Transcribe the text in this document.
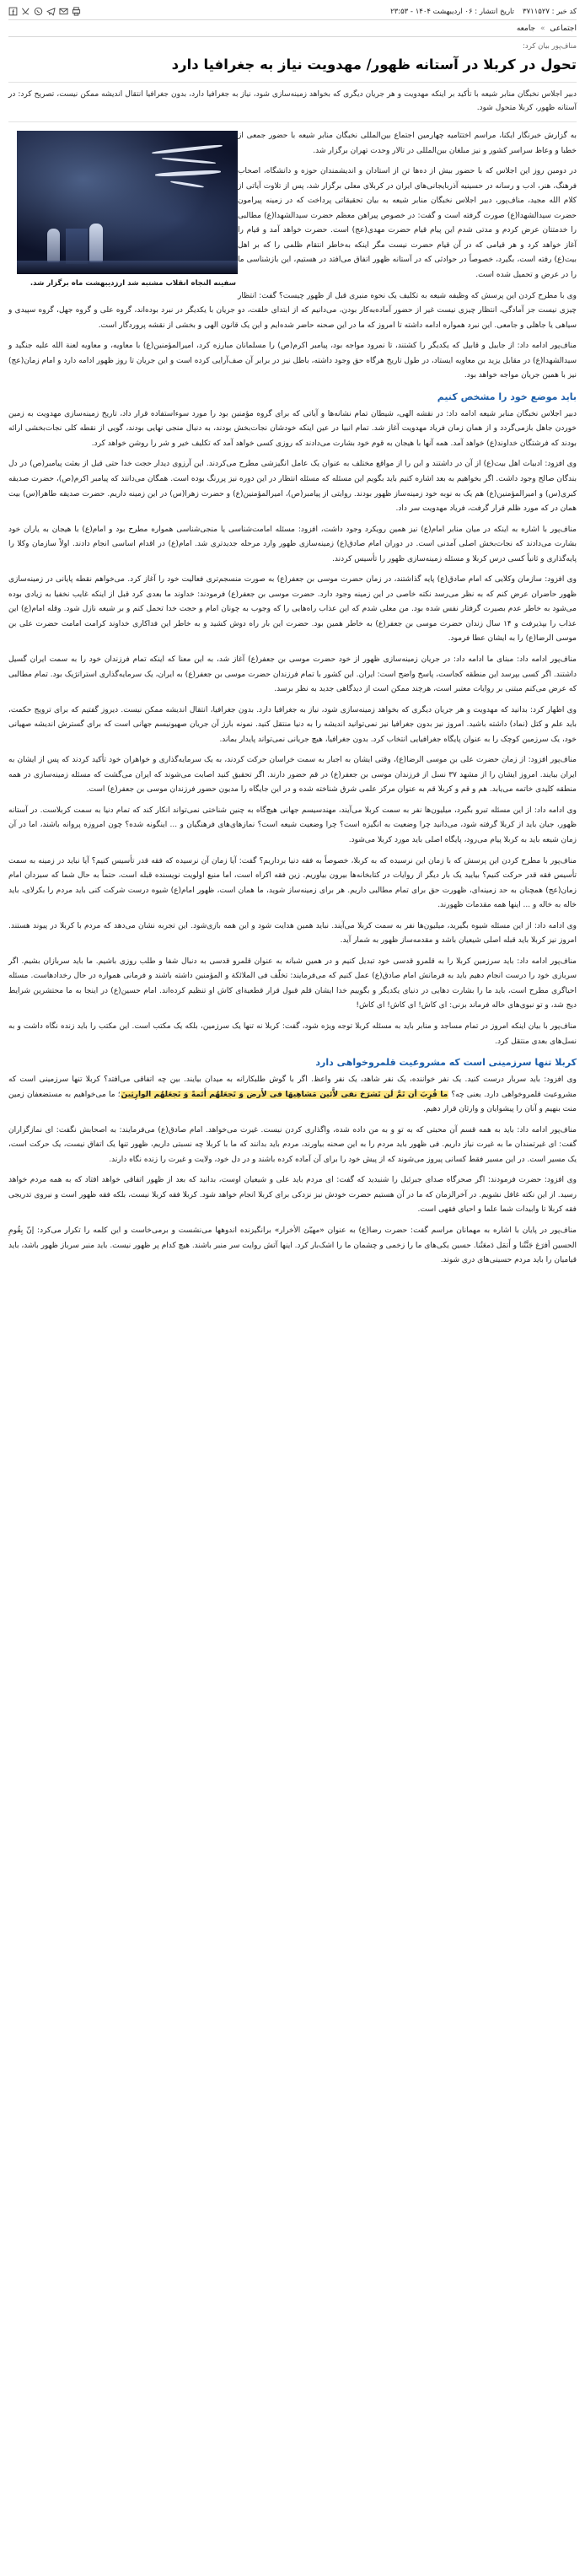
کد خبر : ۳۷۱۱۵۲۷
تاریخ انتشار : ۰۶ اردیبهشت ۱۴۰۴ - ۲۳:۵۳
اجتماعی » جامعه
مناف‌پور بیان کرد:
تحول در کربلا در آستانه ظهور/ مهدویت نیاز به جغرافیا دارد
دبیر اجلاس نخبگان منابر شیعه با تأکید بر اینکه مهدویت و هر جریان دیگری که بخواهد زمینه‌سازی شود، نیاز به جغرافیا دارد، بدون جغرافیا انتقال اندیشه ممکن نیست، تصریح کرد: در آستانه ظهور، کربلا متحول شود.
سفینه النجاه انقلاب مشتبه شد ارزدیبهشت ماه برگزار شد.

به گزارش خبرنگار ایکنا، مراسم اختتامیه چهارمین اجتماع بین‌المللی نخبگان منابر شیعه با حضور جمعی از خطبا و وعاظ سراسر کشور و نیز مبلغان بین‌المللی در تالار وحدت تهران برگزار شد.

در دومین روز این اجلاس که با حضور بیش از ده‌ها تن از استادان و اندیشمندان حوزه و دانشگاه، اصحاب فرهنگ، هنر، ادب و رسانه در حسینیه آذربایجانی‌های ایران در کربلای معلی برگزار شد، پس از تلاوت آیاتی از کلام الله مجید، مناف‌پور، دبیر اجلاس نخبگان منابر شیعه به بیان تحقیقاتی پرداخت که در زمینه پیرامون حضرت سیدالشهدا(ع) صورت گرفته است و گفت: در خصوص پیراهن معظم حضرت سیدالشهدا(ع) مطالبی را خدمتتان عرض کردم و مدتی شدم این پیام قیام حضرت مهدی(عج) است. حضرت خواهد آمد و قیام را آغاز خواهد کرد و هر قیامی که در آن قیام حضرت نیست مگر اینکه به‌خاطر انتقام ظلمی را که بر اهل بیت(ع) رفته است، بگیرد، خصوصاً در حوادثی که در آستانه ظهور اتفاق می‌افتد در هستیم، این بازشناسی ما را در عرض و تحمیل شده است.

وی با مطرح کردن این پرسش که وظیفه شیعه به تکلیف یک نحوه منبری قبل از ظهور چیست؟ گفت: انتظار چیزی نیست جز آمادگی، انتظار چیزی نیست غیر از حضور آماده‌به‌کار بودن، می‌دانیم که از ابتدای خلقت، دو جریان با یکدیگر در نبرد بوده‌اند، گروه علی و گروه جهل، گروه سپیدی و سیاهی یا جاهلی و جامعی. این نبرد همواره ادامه داشته تا امروز که ما در این صحنه حاضر شده‌ایم و این یک قانون الهی و بخشی از نقشه پروردگار است.

مناف‌پور ادامه داد: از جابیل و قابیل که یکدیگر را کشتند، تا نمرود مواجه بود، پیامبر اکرم(ص) را مسلمانان مبارزه کرد، امیرالمؤمنین(ع) با معاویه، و معاویه لعنة الله علیه جنگید و سیدالشهدا(ع) در مقابل یزید بن معاویه ایستاد، در طول تاریخ هرگاه حق وجود داشته، باطل نیز در برابر آن صف‌آرایی کرده است و این جریان تا روز ظهور ادامه دارد و امام زمان(عج) نیز با همین جریان مواجه خواهد بود.

باید موضع خود را مشخص کنیم

دبیر اجلاس نخبگان منابر شیعه ادامه داد: در نقشه الهی، شیطان تمام نشانه‌ها و آیاتی که برای گروه مؤمنین بود را مورد سوءاستفاده قرار داد، تاریخ زمینه‌سازی مهدویت به زمین خوردن جاهل بازمی‌گردد و از همان زمان فریاد مهدویت آغاز شد. تمام انبیا در عین اینکه خودشان نجات‌بخش بودند، به دنبال منجی نهایی بودند، گویی از نقطه کلی نجات‌بخشی ارائه بودند که فرشتگان خداوند(ع) خواهد آمد. همه آنها با هیجان به قوم خود بشارت می‌دادند که روزی کسی خواهد آمد که تکلیف خیر و شر را روشن خواهد کرد.

وی افزود: ادبیات اهل بیت(ع) از آن در داشتند و ابن را از مواقع مختلف به عنوان یک عامل انگیزشی مطرح می‌کردند. این آرزوی دیدار حجت خدا حتی قبل از بعثت پیامبر(ص) در دل بندگان صالح وجود داشت. اگر بخواهیم به بعد اشاره کنیم باید بگویم این مسئله که مسئله انتظار در این دوره نیز پررنگ بوده است. همگان می‌دانند که پیامبر اکرم(ص)، حضرت صدیقه کبری(س) و امیرالمؤمنین(ع) هم یک به نوبه خود زمینه‌ساز ظهور بودند. روایتی از پیامبر(ص)، امیرالمؤمنین(ع) و حضرت زهرا(س) در این زمینه داریم. حضرت صدیقه طاهرا(س) بیت همان در که مورد ظلم قرار گرفت، فریاد مهدویت سر داد.

مناف‌پور با اشاره به اینکه در میان منابر امام(ع) نیز همین رویکرد وجود داشت، افزود: مسئله امامت‌شناسی یا منجی‌شناسی همواره مطرح بود و امام(ع) با هیجان به یاران خود بشارت می‌دادند که نجات‌بخش اصلی آمدنی است. در دوران امام صادق(ع) زمینه‌سازی ظهور وارد مرحله جدیدتری شد. امام(ع) در اقدام اساسی انجام دادند. اولاً سازمان وکلا را پایه‌گذاری و ثانیاً کسی درس کربلا و مسئله زمینه‌سازی ظهور را تأسیس کردند.

وی افزود: سازمان وکلایی که امام صادق(ع) پایه گذاشتند، در زمان حضرت موسی بن جعفر(ع) به صورت منسجم‌تری فعالیت خود را آغاز کرد. می‌خواهم نقطه پایانی در زمینه‌سازی ظهور حاضران عرض کنم که به نظر می‌رسد نکته خاصی در این زمینه وجود دارد. حضرت موسی بن جعفر(ع) فرمودند: خداوند ما بعدی کرد قبل از اینکه غایب نخفیا به زیادی بوده می‌شود به خاطر عدم بصیرت گرفتار نفس شده بود. من معلی شدم که این عذاب راه‌هایی را که وجوب به چونان امام و حجت خدا تحمل کنم و بر شیعه نازل شود. وقله امام(ع) این عذاب را بپذیرفت و ۱۴ سال زندان حضرت موسی بن جعفر(ع) به خاطر همین بود. حضرت این بار راه دوش کشید و به خاطر این فداکاری خداوند کرامت امامت حضرت علی بن موسی الرضا(ع) را به ایشان عطا فرمود.

مناف‌پور ادامه داد: مبنای ما ادامه داد: در جریان زمینه‌سازی ظهور از خود حضرت موسی بن جعفر(ع) آغاز شد، به این معنا که اینکه تمام فرزندان خود را به سمت ایران گسیل داشتند. اگر کسی بپرسد این منطقه کجاست، پاسخ واضح است: ایران. این کشور با تمام فرزندان حضرت موسی بن جعفر(ع) به ایران، یک سرمایه‌گذاری استراتژیک بود. تمام مطالبی که عرض می‌کنم مبتنی بر روایات معتبر است، هرچند ممکن است از دیدگاهی جدید به نظر برسد.

وی اظهار کرد: بدانید که مهدویت و هر جریان دیگری که بخواهد زمینه‌سازی شود، نیاز به جغرافیا دارد. بدون جغرافیا، انتقال اندیشه ممکن نیست. دیروز گفتیم که برای ترویج حکمت، باید علم و کتل (نماد) داشته باشید. امروز نیز بدون جغرافیا نیز نمی‌توانید اندیشه را به دنیا منتقل کنید. نمونه بارز آن جریان صهیونیسم جهانی است که برای گسترش اندیشه صهیانی خود، یک سرزمین کوچک را به عنوان پایگاه جغرافیایی انتخاب کرد. بدون جغرافیا، هیچ جریانی نمی‌تواند پایدار بماند.

مناف‌پور افزود: از زمان حضرت علی بن موسی الرضا(ع)، وقتی ایشان به اجبار به سمت خراسان حرکت کردند، به یک سرمایه‌گذاری و خواهران خود تأکید کردند که پس از ایشان به ایران بیایند. امروز ایشان را از مشهد ۳۷ نسل از فرزندان موسی بن جعفر(ع) در قم حضور دارند. اگر تحقیق کنید اصابت می‌شوند که ایران می‌گشت که مسئله زمینه‌سازی در همه منطقه کلیدی خاتمه می‌یابد. هم و قم و کربلا قم به عنوان مرکز علمی شرق شناخته شده و در این جایگاه را مدیون حضور فرزندان موسی بن جعفر(ع) است.

وی ادامه داد: از این مسئله تبرو بگیرد، میلیون‌ها نفر به سمت کربلا می‌آیند، مهندسیسم جهانی هیچ‌گاه به چنین شناختی نمی‌تواند انکار کند که تمام دنیا به سمت کربلاست. در آستانه ظهور، جیان باید از کربلا گرفته شود، می‌دانید چرا وضعیت به انگیزه است؟ چرا وضعیت شیعه است؟ نمازهای‌های فرهنگیان و ... اینگونه شده؟ چون امروزه پروانه باشند، اما در آن زمان شیعه باید به کربلا پیام می‌رود، پایگاه اصلی باید مورد کربلا می‌شود.

مناف‌پور با مطرح کردن این پرسش که با زمان این نرسیده که به کربلا، خصوصاً به فقه دنیا برداریم؟ گفت: آیا زمان آن نرسیده که فقه قدر تأسیس کنیم؟ آیا نباید در زمینه به سمت تأسیس فقه قدر حرکت کنیم؟ بیایید یک بار دیگر از روایات در کتابخانه‌ها بیرون بیاوریم. زین فقه اکراه است، اما منبع اولویت نویسنده قبله است، حتماً به حال شما که سیزدان امام زمان(عج) همچنان به حد زمینه‌ای، ظهورت حق برای تمام مطالبی داریم. هر برای زمینه‌ساز شوید، ما همان است، ظهور امام(ع) شیوه درست شرکت کنی باید مردم را بکرلای، باید خاله به خاله و ... اینها همه مقدمات ظهورند.

وی ادامه داد: از این مسئله شیوه بگیرید، میلیون‌ها نفر به سمت کربلا می‌آیند. نباید همین هدایت شود و این همه بازی‌شود. این تجربه نشان می‌دهد که مردم با کربلا در پیوند هستند. امروز نیز کربلا باید قبله اصلی شیعیان باشد و مقدمه‌ساز ظهور به شمار آید.

مناف‌پور ادامه داد: باید سرزمین کربلا را به قلمرو قدسی خود تبدیل کنیم و در همین شبانه به عنوان قلمرو قدسی به دنبال شفا و طلب روزی باشیم. ما باید سربازان بشیم. اگر سربازی خود را درست انجام دهیم باید به فرمانش امام صادق(ع) عمل کنیم که می‌فرمایند: تخلّف فی الملائکة و المؤمنین داشته باشند و فرمانی همواره در حال رخدادهاست. مسئله احیاگری مطرح است، باید ما را بشارت دهایی در دنیای یکدیگر و بگوییم خدا ایشان قلم قبول قرار قطعیة‌ای کاش او تنظیم کرده‌اند. امام حسین(ع) در اینجا به ما محتشرین شرایط دیج شد، و تو نبوی‌های خاله فرماند بزنی: ای کاش! ای کاش! ای کاش!

مناف‌پور با بیان اینکه امروز در تمام مساجد و منابر باید به مسئله کربلا توجه ویژه شود، گفت: کربلا نه تنها یک سرزمین، بلکه یک مکتب است. این مکتب را باید زنده نگاه داشت و به نسل‌های بعدی منتقل کرد.

کربلا تنها سرزمینی است که مشروعیت قلمروخواهی دارد

وی افزود: باید سربار درست کنید. یک نفر خواننده، یک نفر شاهد، یک نفر واعظ. اگر با گوش طلبکارانه به میدان بیایند. بین چه اتفاقی می‌افتد؟ کربلا تنها سرزمینی است که مشروعیت قلمروخواهی دارد. یعنی چه؟ ما قُرِبَ أن تَمَّ لَن تَشرَحَ نفی لاَّئین مَشاهِیهَا فی لأَرض وَ تَجعَلهُم أَئمةً وَ نَجعَلهُم الوارِثِینَ؛ ما می‌خواهیم به مستضعفان زمین منت بنهیم و آنان را پیشوایان و وارثان قرار دهیم.

مناف‌پور ادامه داد: باید به همه قسم آن محبتی که به تو و به من داده شده، واگذاری کردن نیست. غیرت می‌خواهد. امام صادق(ع) می‌فرمایند: به اصحابش نگفت: ای نمازگزاران گفت: ای غیرتمندان ما به غیرت نیاز داریم. فی ظهور باید مردم را به این صحنه بیاورند، مردم باید بدانند که ما با کربلا چه نسبتی داریم، ظهور تنها یک اتفاق نیست، یک حرکت است، یک مسیر است. در این مسیر فقط کسانی پیروز می‌شوند که از پیش خود را برای آن آماده کرده باشند و در دل خود، ولایت و غیرت را زنده نگاه دارند.

وی افزود: حضرت فرمودند: اگر صحرگاه صدای جبرئیل را شنیدید که گفت: ای مردم باید علی و شیعیان اوست، بدانید که بعد از ظهور اتفاقی خواهد افتاد که به همه مردم خواهد رسید. از این نکته غافل نشویم. در آخرالزمان که ما در آن هستیم حضرت خودش نیز نزدکی برای کربلا انجام خواهد شود. کربلا فقه کربلا نیست، بلکه فقه ظهور است و نیروی تدریجی فقه کربلا تا وابیدات شما علما و احیای فقهی است.

مناف‌پور در پایان با اشاره به مهمانان مراسم گفت: حضرت رضا(ع) به عنوان «مهیّئ الأخرار» برانگیزنده اندوهها می‌نشست و برمی‌خاست و این کلمه را تکرار می‌کرد: إنّ بِقُومِ الحسین أفرَغ جَنَّتُنا و أَتمَل دَمعَتُنا. حسین یکی‌های ما را زخمی و چشمان ما را اشک‌بار کرد. اینها آتش روایت سر منبر باشند. هیچ کدام پر ظهور نیست. باید منبر سرباز ظهور باشد، باید قیامیان را باید مردم حسینی‌های دری شوند.
